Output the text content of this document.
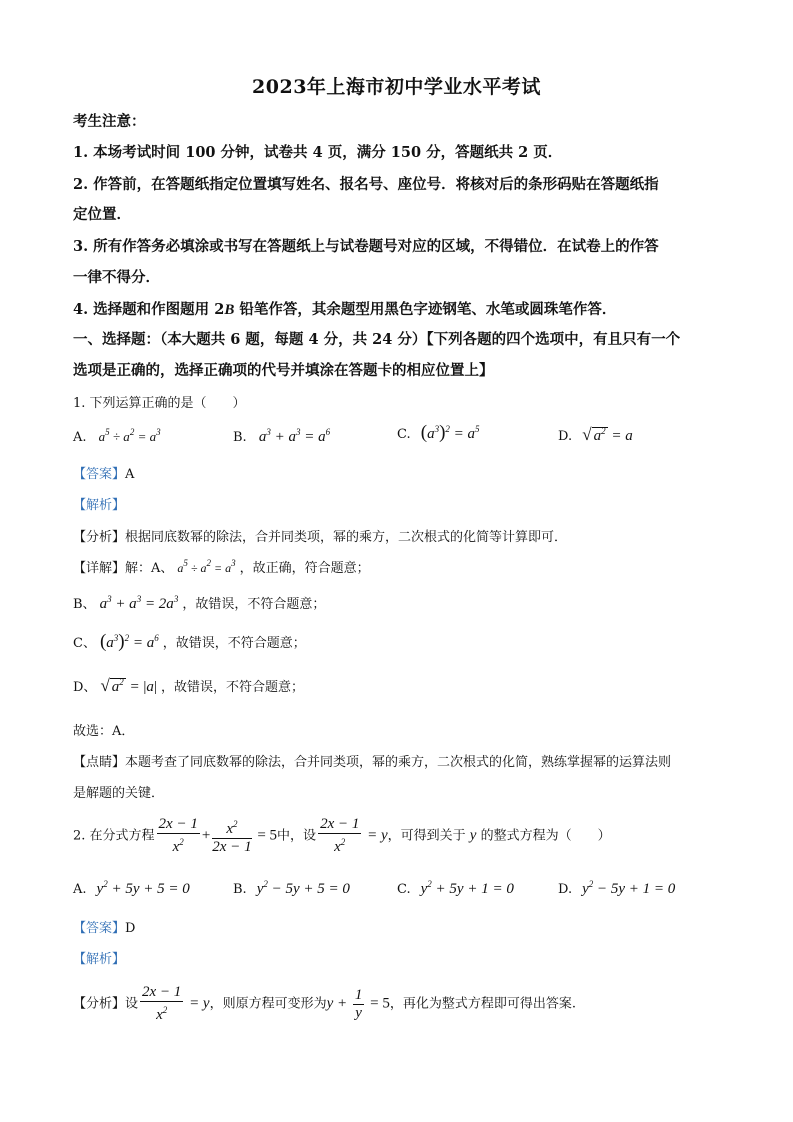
2023年上海市初中学业水平考试
考生注意：
1. 本场考试时间 100 分钟，试卷共 4 页，满分 150 分，答题纸共 2 页．
2. 作答前，在答题纸指定位置填写姓名、报名号、座位号．将核对后的条形码贴在答题纸指
定位置．
3. 所有作答务必填涂或书写在答题纸上与试卷题号对应的区域，不得错位．在试卷上的作答
一律不得分．
4. 选择题和作图题用 2B 铅笔作答，其余题型用黑色字迹钢笔、水笔或圆珠笔作答．
一、选择题：（本大题共 6 题，每题 4 分，共 24 分）【下列各题的四个选项中，有且只有一个
选项是正确的，选择正确项的代号并填涂在答题卡的相应位置上】
1. 下列运算正确的是（　　）
A. $a^5 \div a^2 = a^3$	B. $a^3 + a^3 = a^6$	C. $(a^3)^2 = a^5$	D. √ $a^2 = a$
【答案】A
【解析】
【分析】根据同底数幂的除法，合并同类项，幂的乘方，二次根式的化简等计算即可．
【详解】解：A、 $a^5 \div a^2 = a^3$ ，故正确，符合题意；
B、 $a^3 + a^3 = 2a^3$ ，故错误，不符合题意；
C、 $(a^3)^2 = a^6$ ，故错误，不符合题意；
D、 √ $a^2 = |a|$ ，故错误，不符合题意；
故选：A．
【点睛】本题考查了同底数幂的除法，合并同类项，幂的乘方，二次根式的化简，熟练掌握幂的运算法则
是解题的关键．
2. 在分式方程 $\frac{2x - 1}{x^2} + \frac{x^2}{2x - 1} = 5$中，设 $\frac{2x - 1}{x^2} = y$，可得到关于 y 的整式方程为（　　）
A. $y^2 + 5y + 5 = 0$	B. $y^2 - 5y + 5 = 0$	C. $y^2 + 5y + 1 = 0$	D. $y^2 - 5y + 1 = 0$
【答案】D
【解析】
【分析】设 $\frac{2x - 1}{x^2} = y$，则原方程可变形为$y + \frac{1}{y} = 5$，再化为整式方程即可得出答案.
